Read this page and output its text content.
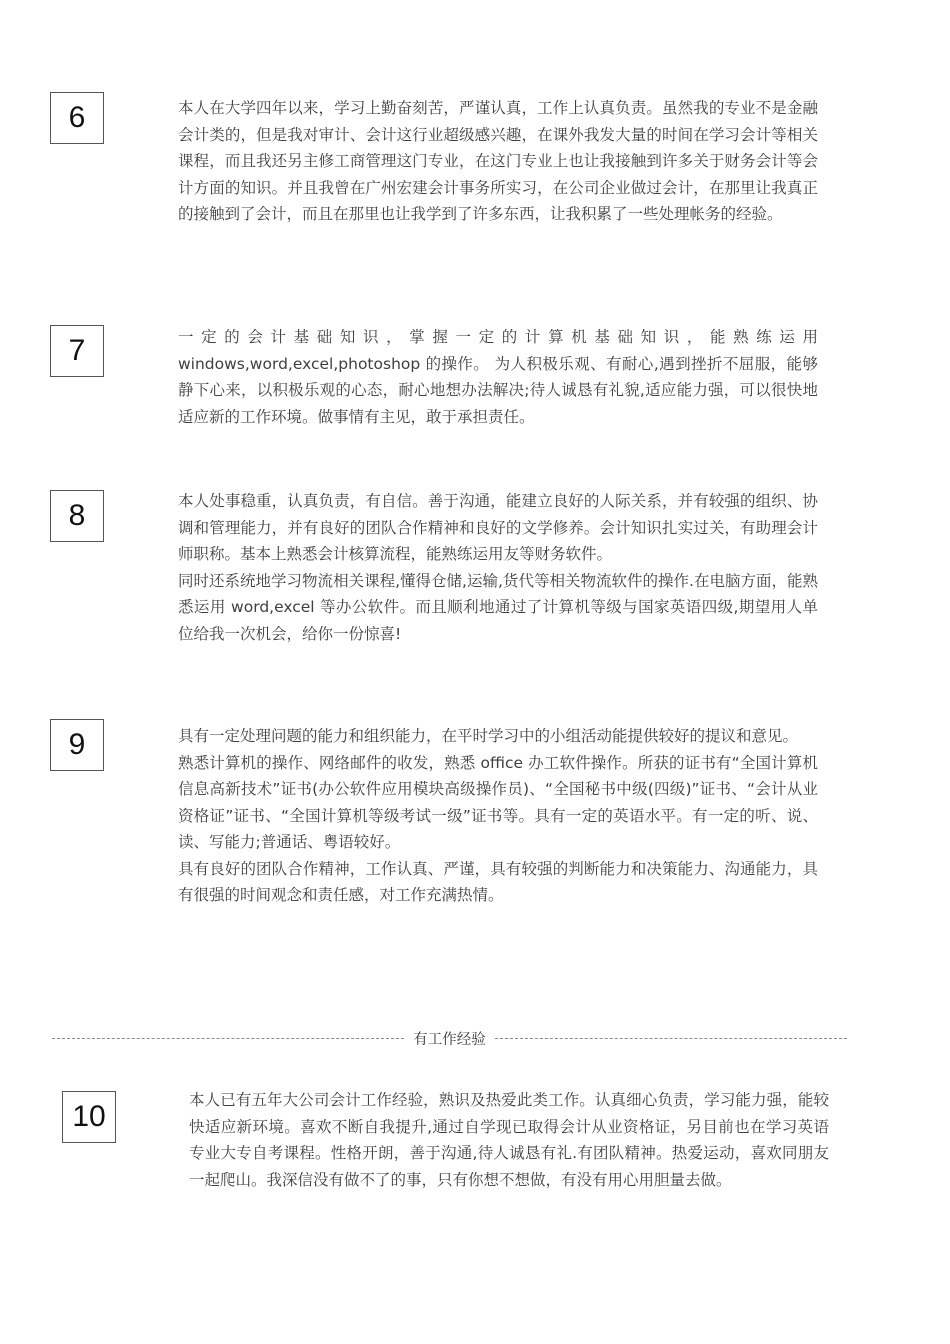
6	本人在大学四年以来，学习上勤奋刻苦，严谨认真，工作上认真负责。虽然我的专业不是金融会计类的，但是我对审计、会计这行业超级感兴趣，在课外我发大量的时间在学习会计等相关课程，而且我还另主修工商管理这门专业，在这门专业上也让我接触到许多关于财务会计等会计方面的知识。并且我曾在广州宏建会计事务所实习，在公司企业做过会计，在那里让我真正的接触到了会计，而且在那里也让我学到了许多东西，让我积累了一些处理帐务的经验。

7	一定的会计基础知识，掌握一定的计算机基础知识，能熟练运用 windows,word,excel,photoshop 的操作。 为人积极乐观、有耐心,遇到挫折不屈服，能够静下心来，以积极乐观的心态，耐心地想办法解决;待人诚恳有礼貌,适应能力强，可以很快地适应新的工作环境。做事情有主见，敢于承担责任。

8	本人处事稳重，认真负责，有自信。善于沟通，能建立良好的人际关系，并有较强的组织、协调和管理能力，并有良好的团队合作精神和良好的文学修养。会计知识扎实过关，有助理会计师职称。基本上熟悉会计核算流程，能熟练运用友等财务软件。

同时还系统地学习物流相关课程,懂得仓储,运输,货代等相关物流软件的操作.在电脑方面，能熟悉运用 word,excel 等办公软件。而且顺利地通过了计算机等级与国家英语四级,期望用人单位给我一次机会，给你一份惊喜!

9	具有一定处理问题的能力和组织能力，在平时学习中的小组活动能提供较好的提议和意见。

熟悉计算机的操作、网络邮件的收发，熟悉 office 办工软件操作。所获的证书有“全国计算机信息高新技术”证书(办公软件应用模块高级操作员)、“全国秘书中级(四级)”证书、“会计从业资格证”证书、“全国计算机等级考试一级”证书等。具有一定的英语水平。有一定的听、说、读、写能力;普通话、粤语较好。

具有良好的团队合作精神，工作认真、严谨，具有较强的判断能力和决策能力、沟通能力，具有很强的时间观念和责任感，对工作充满热情。

有工作经验
10	本人已有五年大公司会计工作经验，熟识及热爱此类工作。认真细心负责，学习能力强，能较快适应新环境。喜欢不断自我提升,通过自学现已取得会计从业资格证，另目前也在学习英语专业大专自考课程。性格开朗，善于沟通,待人诚恳有礼.有团队精神。热爱运动，喜欢同朋友一起爬山。我深信没有做不了的事，只有你想不想做，有没有用心用胆量去做。
